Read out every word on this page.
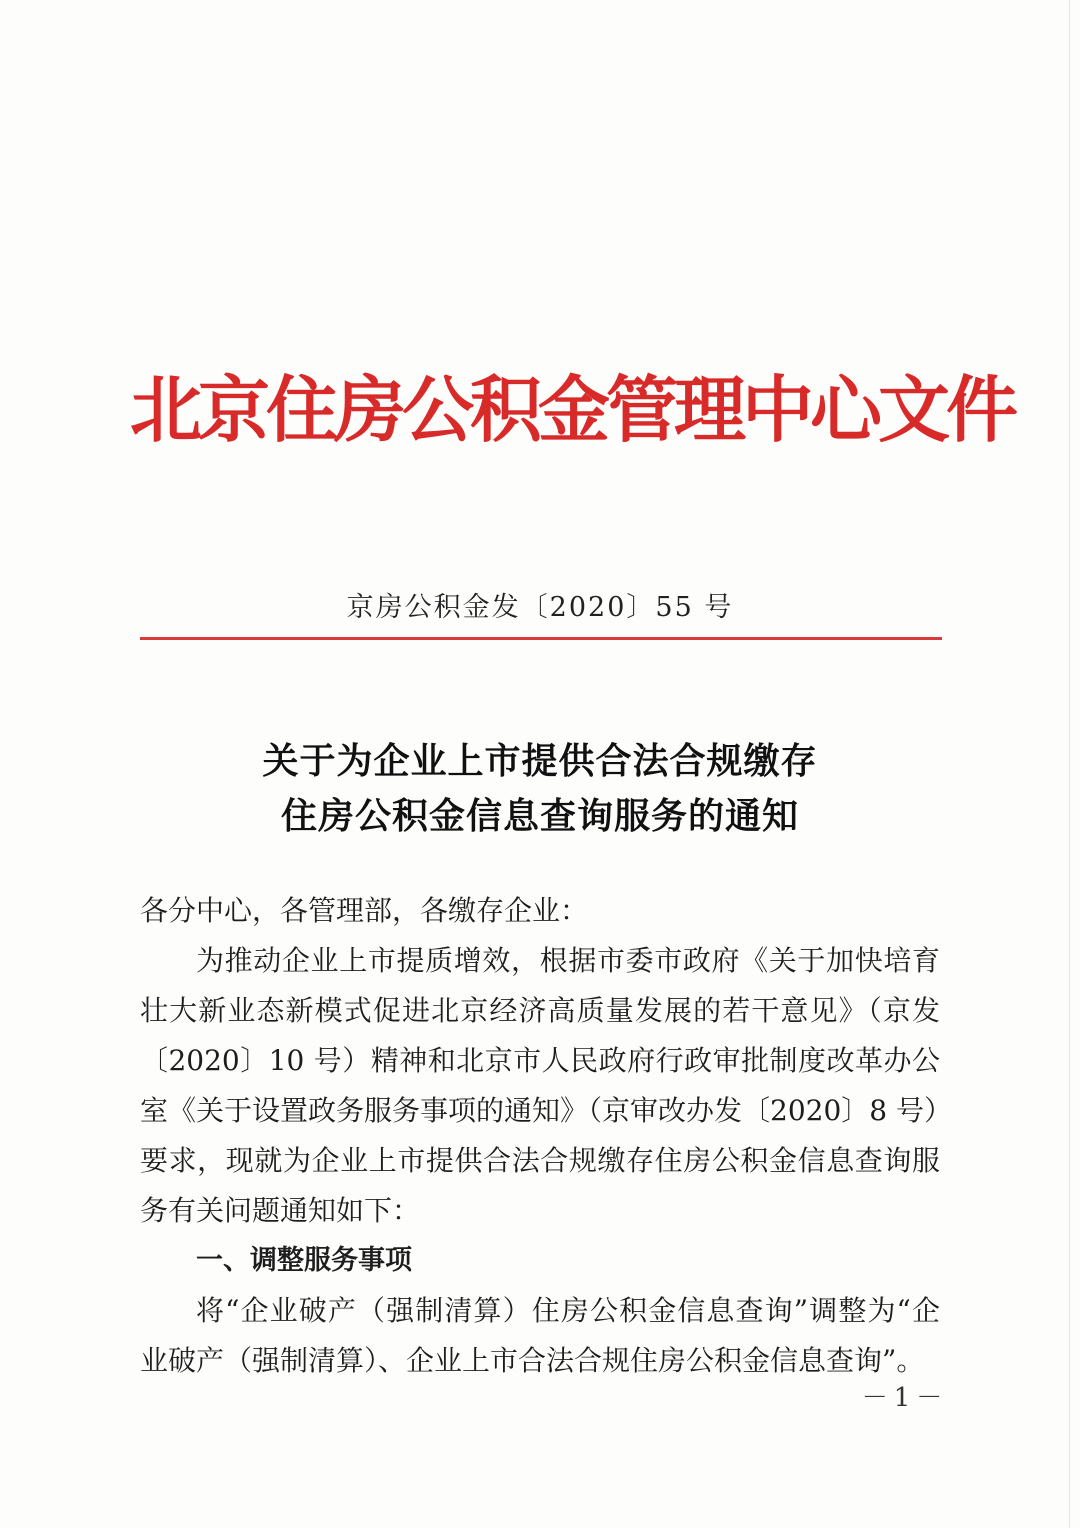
北京住房公积金管理中心文件
京房公积金发〔2020〕55 号
关于为企业上市提供合法合规缴存
住房公积金信息查询服务的通知
各分中心，各管理部，各缴存企业：
为推动企业上市提质增效，根据市委市政府《关于加快培育
壮大新业态新模式促进北京经济高质量发展的若干意见》（京发
〔2020〕10 号）精神和北京市人民政府行政审批制度改革办公
室《关于设置政务服务事项的通知》（京审改办发〔2020〕8 号）
要求，现就为企业上市提供合法合规缴存住房公积金信息查询服
务有关问题通知如下：
一、调整服务事项
将“企业破产（强制清算）住房公积金信息查询”调整为“企
业破产（强制清算）、企业上市合法合规住房公积金信息查询”。
－1－
